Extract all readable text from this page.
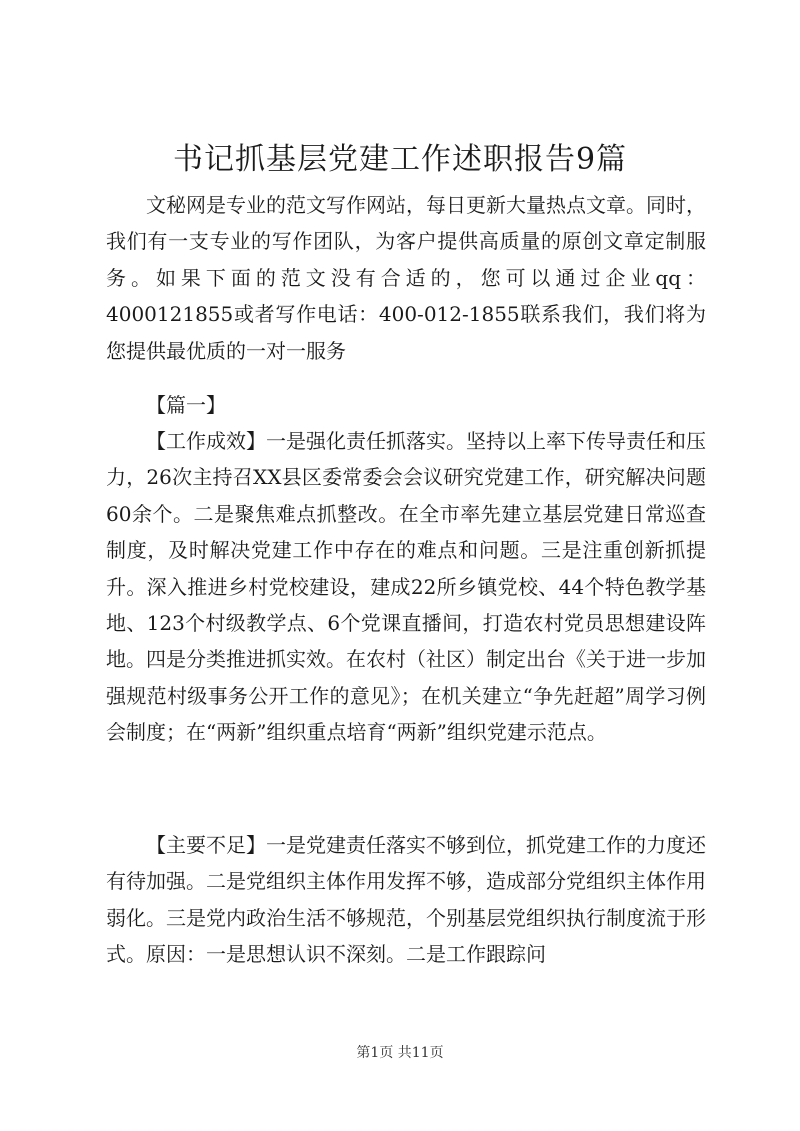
书记抓基层党建工作述职报告9篇

文秘网是专业的范文写作网站，每日更新大量热点文章。同时，我们有一支专业的写作团队，为客户提供高质量的原创文章定制服务。如果下面的范文没有合适的，您可以通过企业qq：4000121855或者写作电话：400-012-1855联系我们，我们将为您提供最优质的一对一服务

【篇一】

【工作成效】一是强化责任抓落实。坚持以上率下传导责任和压力，26次主持召XX县区委常委会会议研究党建工作，研究解决问题60余个。二是聚焦难点抓整改。在全市率先建立基层党建日常巡查制度，及时解决党建工作中存在的难点和问题。三是注重创新抓提升。深入推进乡村党校建设，建成22所乡镇党校、44个特色教学基地、123个村级教学点、6个党课直播间，打造农村党员思想建设阵地。四是分类推进抓实效。在农村（社区）制定出台《关于进一步加强规范村级事务公开工作的意见》；在机关建立“争先赶超”周学习例会制度；在“两新”组织重点培育“两新”组织党建示范点。

【主要不足】一是党建责任落实不够到位，抓党建工作的力度还有待加强。二是党组织主体作用发挥不够，造成部分党组织主体作用弱化。三是党内政治生活不够规范，个别基层党组织执行制度流于形式。原因：一是思想认识不深刻。二是工作跟踪问

第1页 共11页
